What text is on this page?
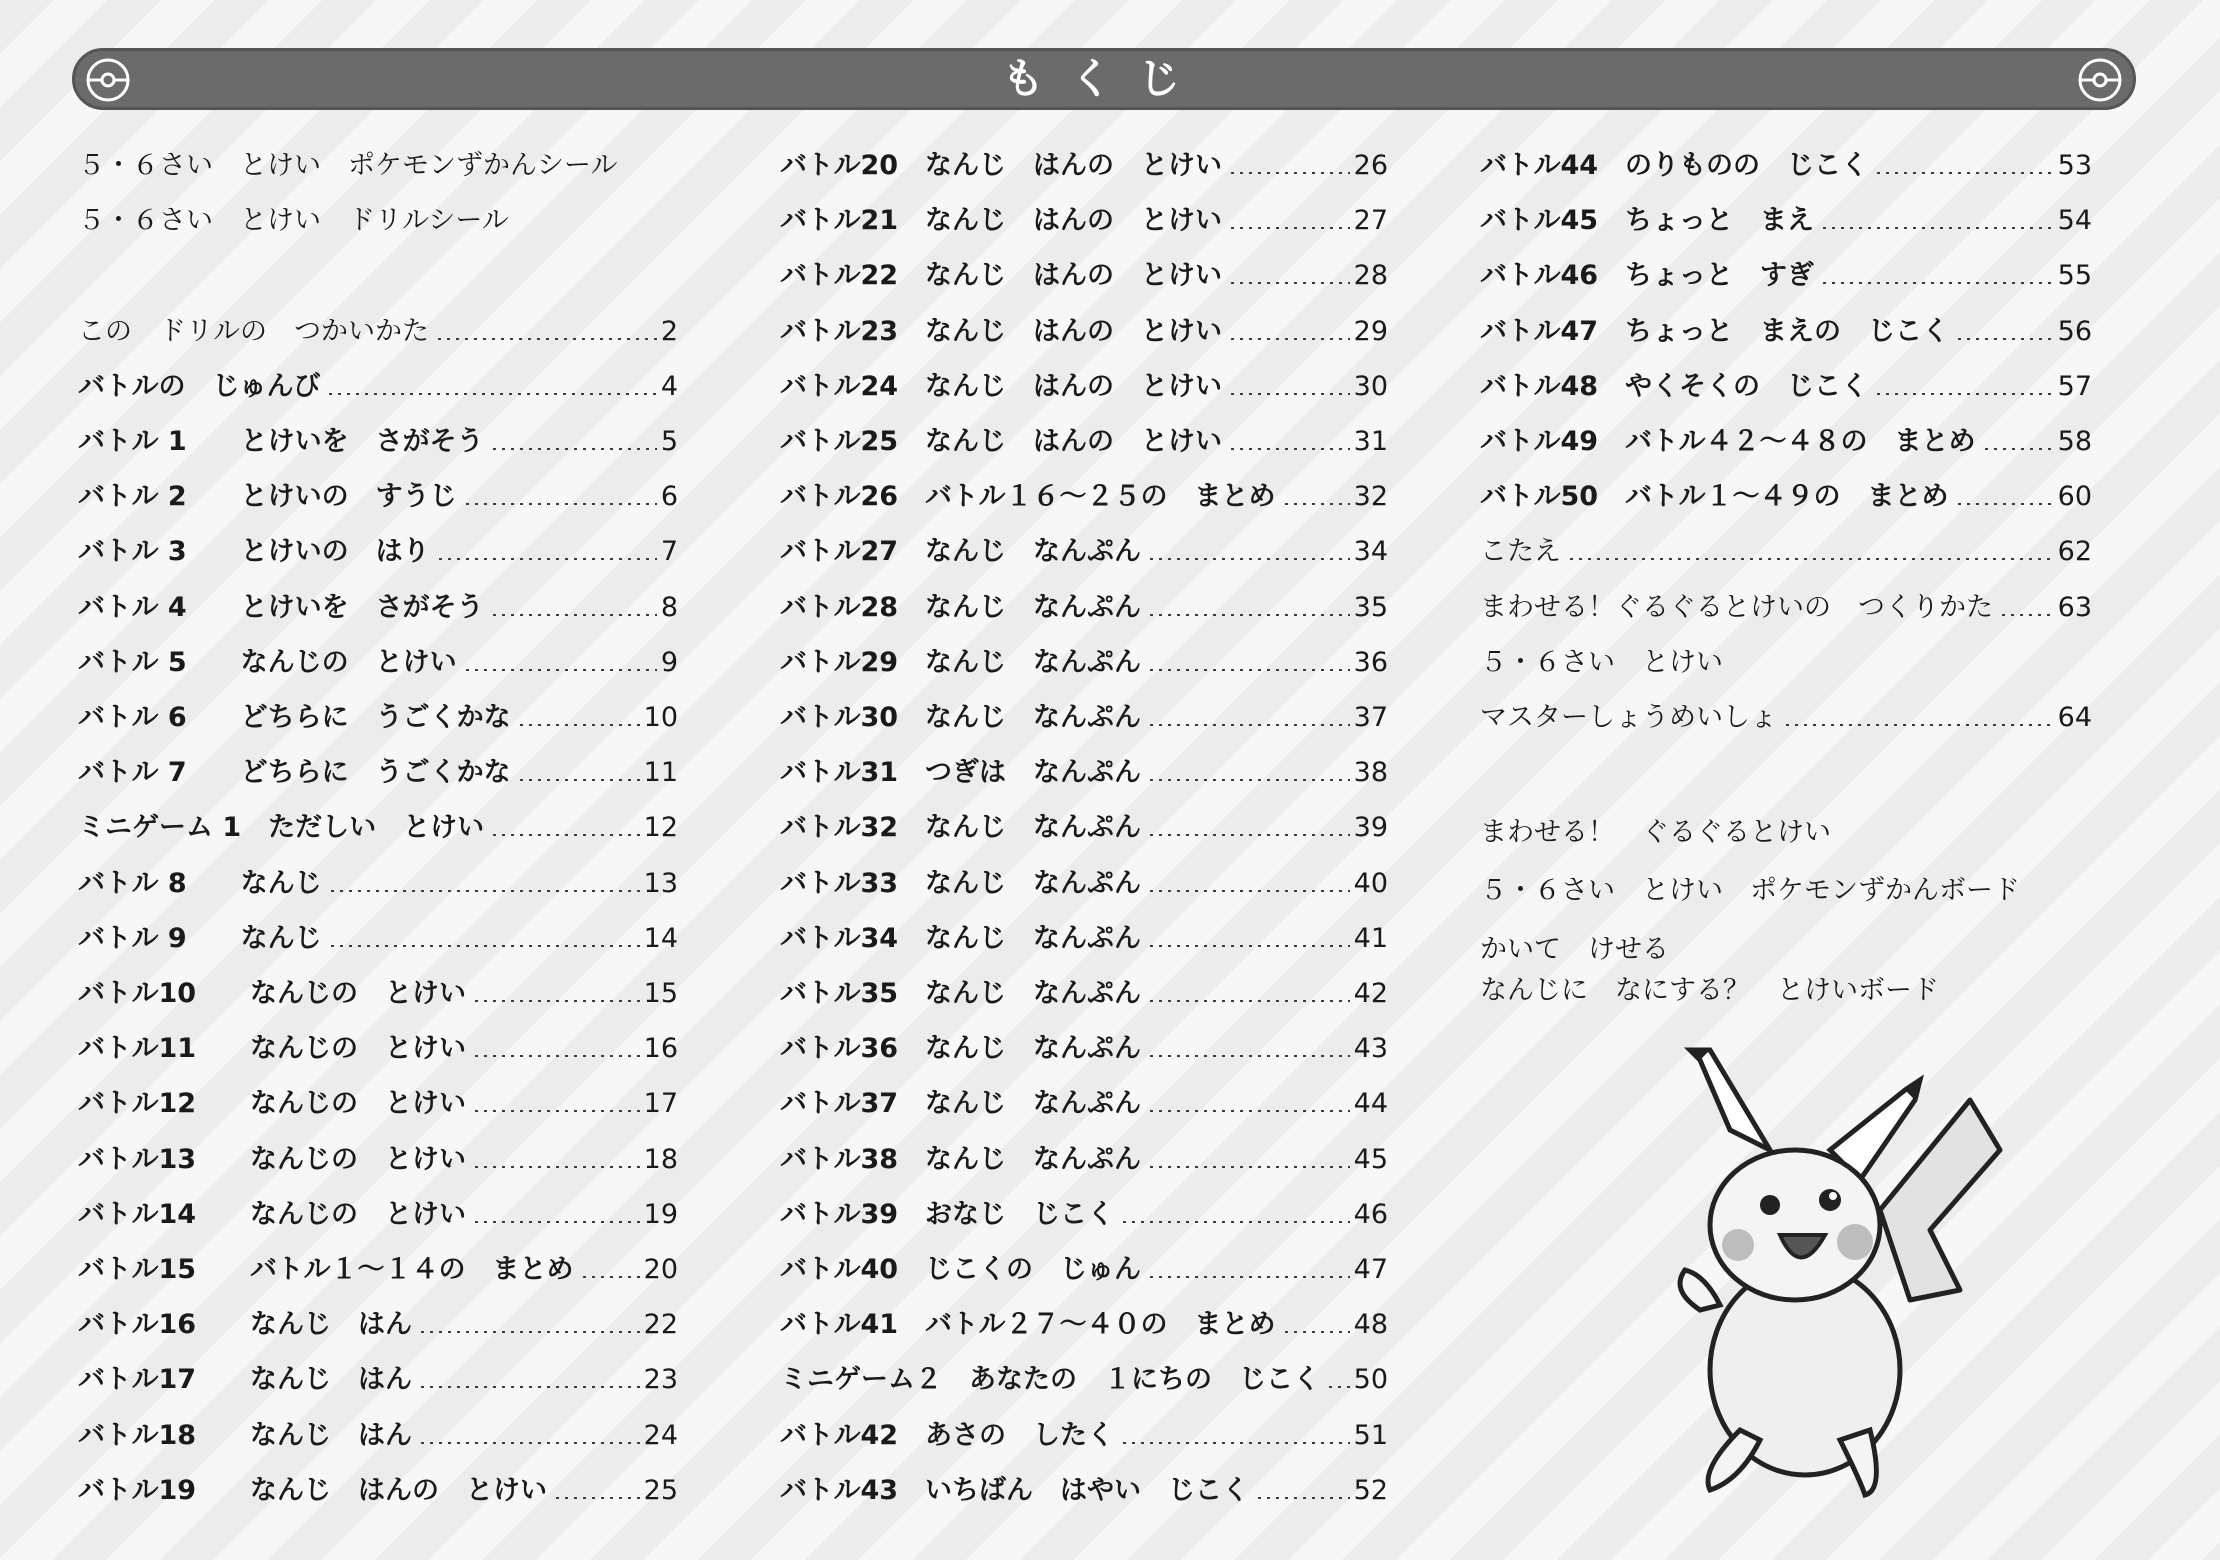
もくじ
５・６さい　とけい　ポケモンずかんシール
５・６さい　とけい　ドリルシール
この　ドリルの　つかいかた	2
バトルの　じゅんび	4
バトル 1　　とけいを　さがそう	5
バトル 2　　とけいの　すうじ	6
バトル 3　　とけいの　はり	7
バトル 4　　とけいを　さがそう	8
バトル 5　　なんじの　とけい	9
バトル 6　　どちらに　うごくかな	10
バトル 7　　どちらに　うごくかな	11
ミニゲーム 1　ただしい　とけい	12
バトル 8　　なんじ	13
バトル 9　　なんじ	14
バトル10　　なんじの　とけい	15
バトル11　　なんじの　とけい	16
バトル12　　なんじの　とけい	17
バトル13　　なんじの　とけい	18
バトル14　　なんじの　とけい	19
バトル15　　バトル１〜１４の　まとめ	20
バトル16　　なんじ　はん	22
バトル17　　なんじ　はん	23
バトル18　　なんじ　はん	24
バトル19　　なんじ　はんの　とけい	25
バトル20　なんじ　はんの　とけい	26
バトル21　なんじ　はんの　とけい	27
バトル22　なんじ　はんの　とけい	28
バトル23　なんじ　はんの　とけい	29
バトル24　なんじ　はんの　とけい	30
バトル25　なんじ　はんの　とけい	31
バトル26　バトル１６〜２５の　まとめ	32
バトル27　なんじ　なんぷん	34
バトル28　なんじ　なんぷん	35
バトル29　なんじ　なんぷん	36
バトル30　なんじ　なんぷん	37
バトル31　つぎは　なんぷん	38
バトル32　なんじ　なんぷん	39
バトル33　なんじ　なんぷん	40
バトル34　なんじ　なんぷん	41
バトル35　なんじ　なんぷん	42
バトル36　なんじ　なんぷん	43
バトル37　なんじ　なんぷん	44
バトル38　なんじ　なんぷん	45
バトル39　おなじ　じこく	46
バトル40　じこくの　じゅん	47
バトル41　バトル２７〜４０の　まとめ	48
ミニゲーム２　あなたの　１にちの　じこく 50
バトル42　あさの　したく	51
バトル43　いちばん　はやい　じこく	52
バトル44　のりものの　じこく	53
バトル45　ちょっと　まえ	54
バトル46　ちょっと　すぎ	55
バトル47　ちょっと　まえの　じこく	56
バトル48　やくそくの　じこく	57
バトル49　バトル４２〜４８の　まとめ	58
バトル50　バトル１〜４９の　まとめ	60
こたえ	62
まわせる！ぐるぐるとけいの　つくりかた 63
５・６さい　とけい
マスターしょうめいしょ	64
まわせる！　ぐるぐるとけい
５・６さい　とけい　ポケモンずかんボード
かいて　けせる
なんじに　なにする？　とけいボード
